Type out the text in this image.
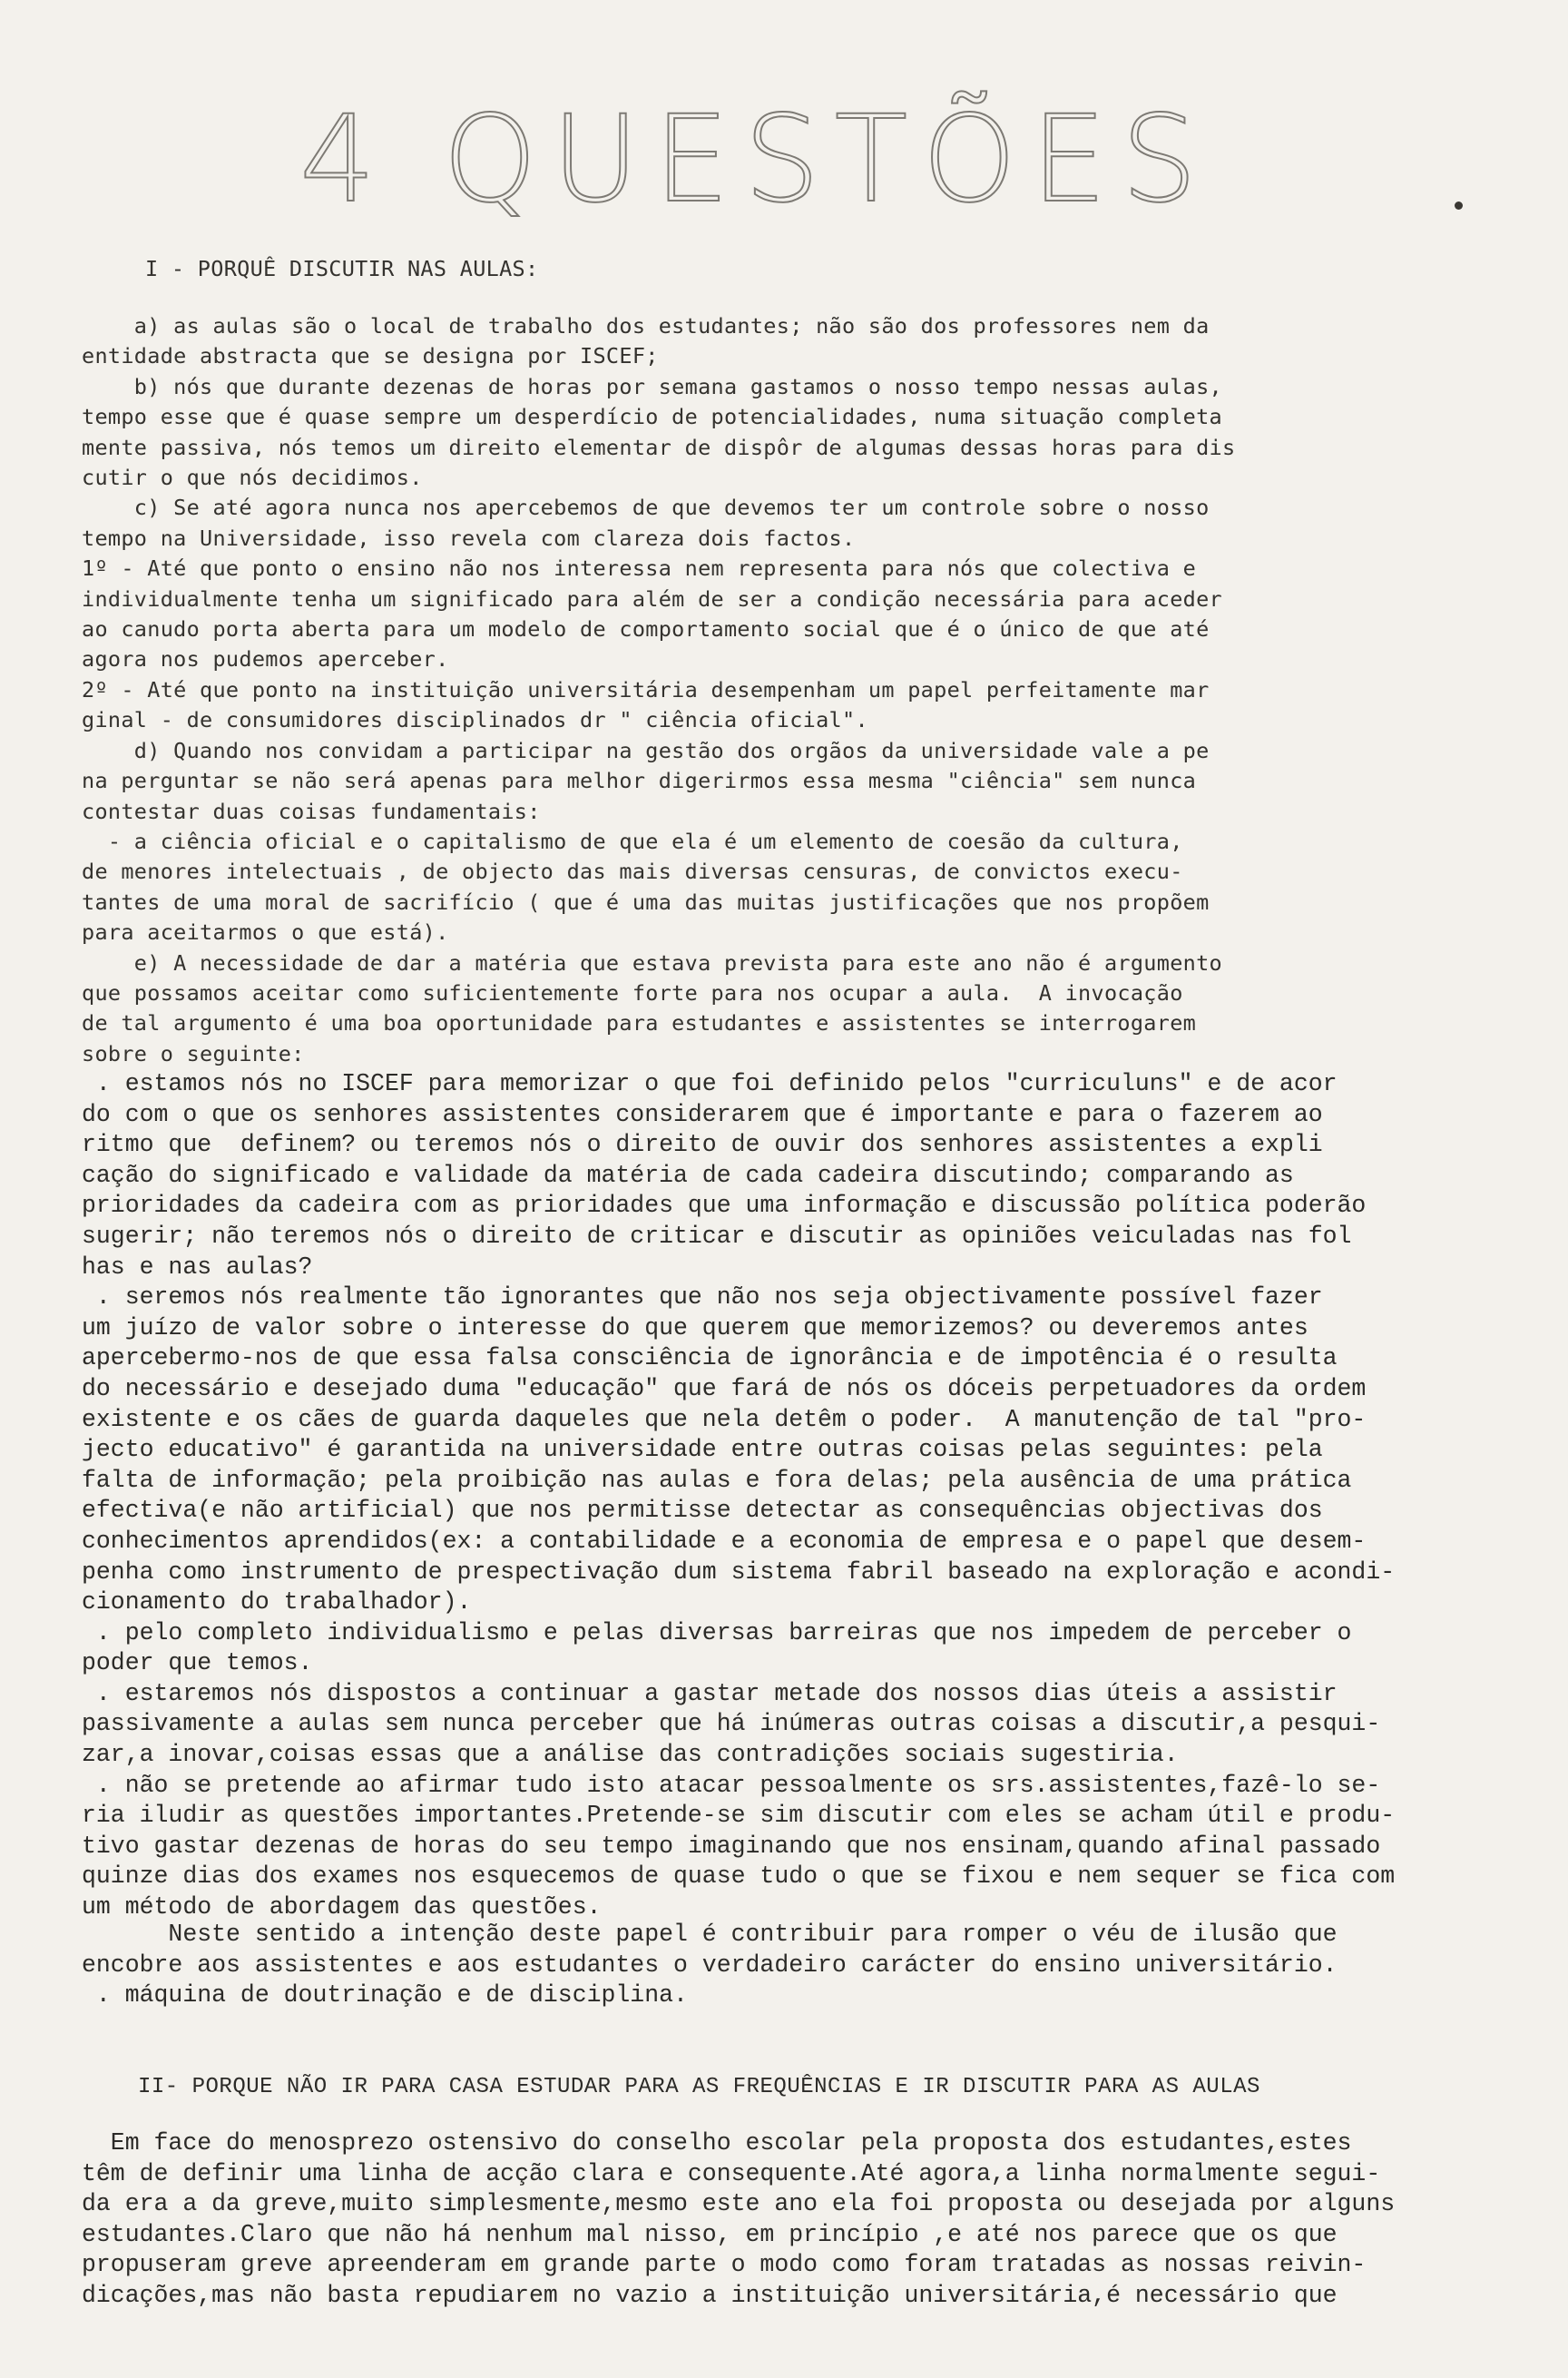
4 QUESTÕES
I - PORQUÊ DISCUTIR NAS AULAS:
a) as aulas são o local de trabalho dos estudantes; não são dos professores nem da
entidade abstracta que se designa por ISCEF;
b) nós que durante dezenas de horas por semana gastamos o nosso tempo nessas aulas,
tempo esse que é quase sempre um desperdício de potencialidades, numa situação completa
mente passiva, nós temos um direito elementar de dispôr de algumas dessas horas para dis
cutir o que nós decidimos.
c) Se até agora nunca nos apercebemos de que devemos ter um controle sobre o nosso
tempo na Universidade, isso revela com clareza dois factos.
1º - Até que ponto o ensino não nos interessa nem representa para nós que colectiva e
individualmente tenha um significado para além de ser a condição necessária para aceder
ao canudo porta aberta para um modelo de comportamento social que é o único de que até
agora nos pudemos aperceber.
2º - Até que ponto na instituição universitária desempenham um papel perfeitamente mar
ginal - de consumidores disciplinados dr " ciência oficial".
d) Quando nos convidam a participar na gestão dos orgãos da universidade vale a pe
na perguntar se não será apenas para melhor digerirmos essa mesma "ciência" sem nunca
contestar duas coisas fundamentais:
- a ciência oficial e o capitalismo de que ela é um elemento de coesão da cultura,
de menores intelectuais , de objecto das mais diversas censuras, de convictos execu-
tantes de uma moral de sacrifício ( que é uma das muitas justificações que nos propõem
para aceitarmos o que está).
e) A necessidade de dar a matéria que estava prevista para este ano não é argumento
que possamos aceitar como suficientemente forte para nos ocupar a aula.  A invocação
de tal argumento é uma boa oportunidade para estudantes e assistentes se interrogarem
sobre o seguinte:
. estamos nós no ISCEF para memorizar o que foi definido pelos "curriculuns" e de acor
do com o que os senhores assistentes considerarem que é importante e para o fazerem ao
ritmo que  definem? ou teremos nós o direito de ouvir dos senhores assistentes a expli
cação do significado e validade da matéria de cada cadeira discutindo; comparando as
prioridades da cadeira com as prioridades que uma informação e discussão política poderão
sugerir; não teremos nós o direito de criticar e discutir as opiniões veiculadas nas fol
has e nas aulas?
. seremos nós realmente tão ignorantes que não nos seja objectivamente possível fazer
um juízo de valor sobre o interesse do que querem que memorizemos? ou deveremos antes
apercebermo-nos de que essa falsa consciência de ignorância e de impotência é o resulta
do necessário e desejado duma "educação" que fará de nós os dóceis perpetuadores da ordem
existente e os cães de guarda daqueles que nela detêm o poder.  A manutenção de tal "pro-
jecto educativo" é garantida na universidade entre outras coisas pelas seguintes: pela
falta de informação; pela proibição nas aulas e fora delas; pela ausência de uma prática
efectiva(e não artificial) que nos permitisse detectar as consequências objectivas dos
conhecimentos aprendidos(ex: a contabilidade e a economia de empresa e o papel que desem-
penha como instrumento de prespectivação dum sistema fabril baseado na exploração e acondi-
cionamento do trabalhador).
. pelo completo individualismo e pelas diversas barreiras que nos impedem de perceber o
poder que temos.
. estaremos nós dispostos a continuar a gastar metade dos nossos dias úteis a assistir
passivamente a aulas sem nunca perceber que há inúmeras outras coisas a discutir,a pesqui-
zar,a inovar,coisas essas que a análise das contradições sociais sugestiria.
. não se pretende ao afirmar tudo isto atacar pessoalmente os srs.assistentes,fazê-lo se-
ria iludir as questões importantes.Pretende-se sim discutir com eles se acham útil e produ-
tivo gastar dezenas de horas do seu tempo imaginando que nos ensinam,quando afinal passado
quinze dias dos exames nos esquecemos de quase tudo o que se fixou e nem sequer se fica com
um método de abordagem das questões.
Neste sentido a intenção deste papel é contribuir para romper o véu de ilusão que
encobre aos assistentes e aos estudantes o verdadeiro carácter do ensino universitário.
. máquina de doutrinação e de disciplina.
II- PORQUE NÃO IR PARA CASA ESTUDAR PARA AS FREQUÊNCIAS E IR DISCUTIR PARA AS AULAS
Em face do menosprezo ostensivo do conselho escolar pela proposta dos estudantes,estes
têm de definir uma linha de acção clara e consequente.Até agora,a linha normalmente segui-
da era a da greve,muito simplesmente,mesmo este ano ela foi proposta ou desejada por alguns
estudantes.Claro que não há nenhum mal nisso, em princípio ,e até nos parece que os que
propuseram greve apreenderam em grande parte o modo como foram tratadas as nossas reivin-
dicações,mas não basta repudiarem no vazio a instituição universitária,é necessário que
